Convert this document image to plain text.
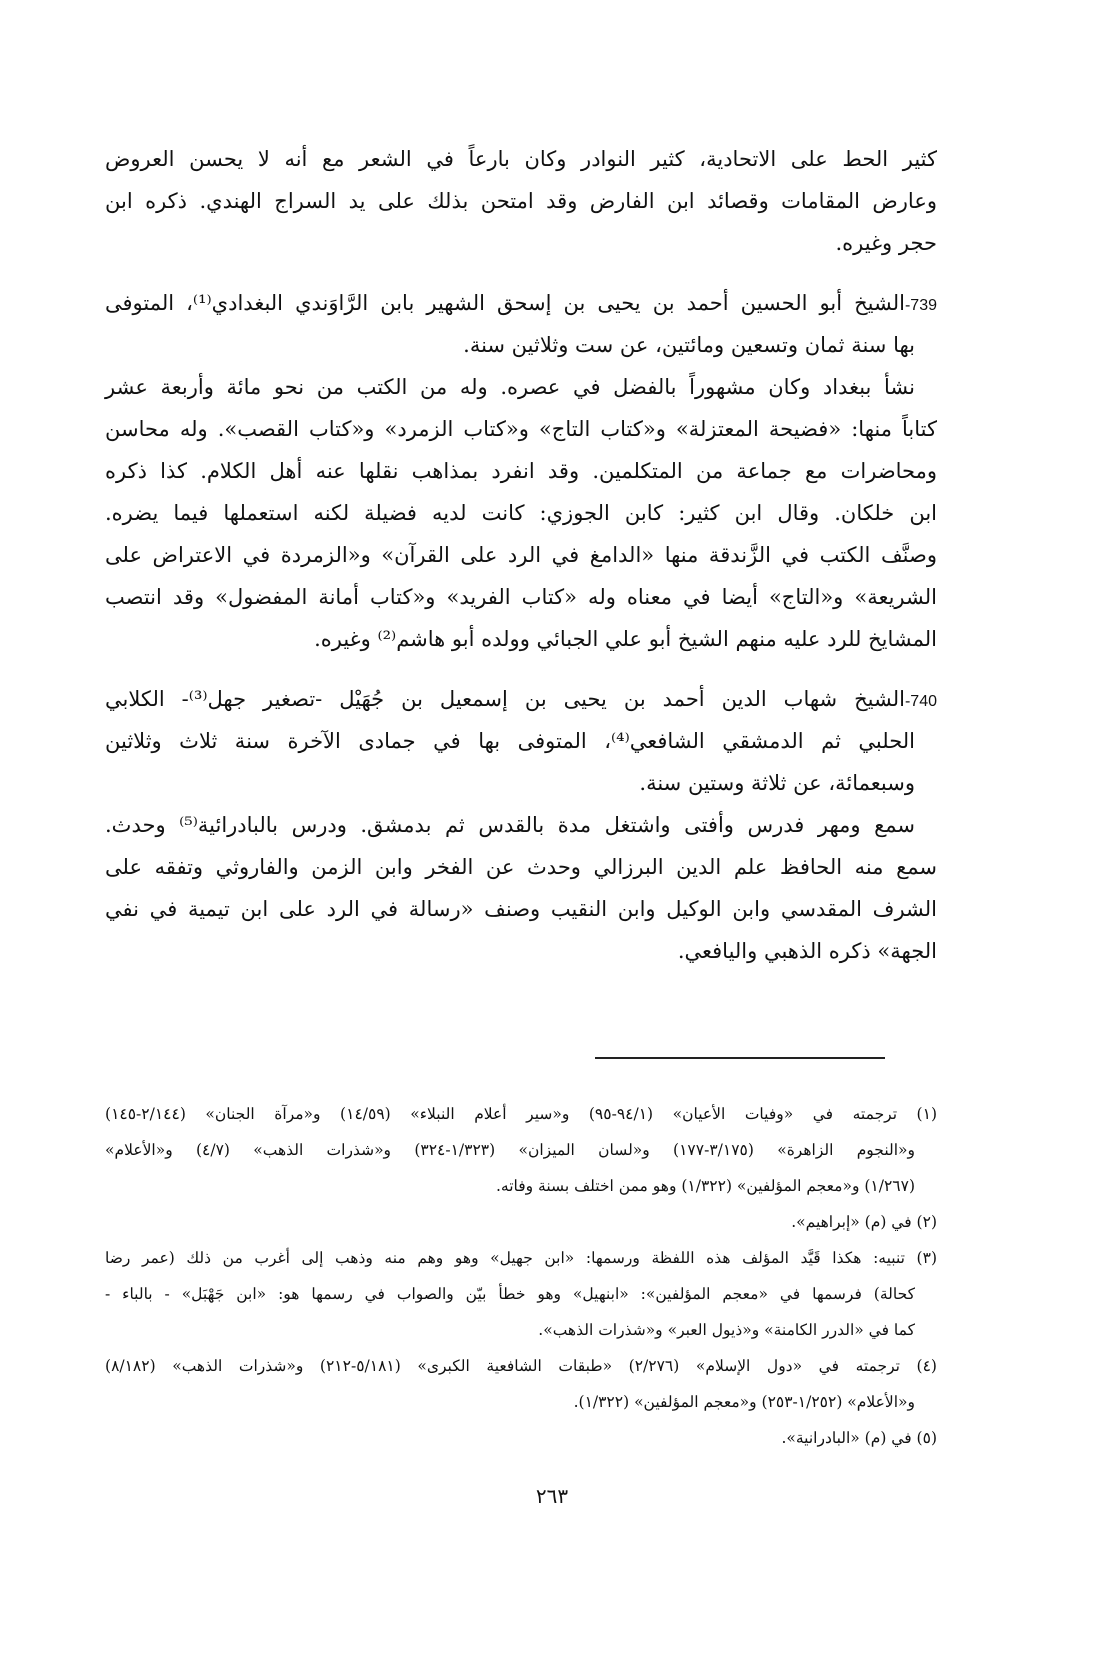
كثير الحط على الاتحادية، كثير النوادر وكان بارعاً في الشعر مع أنه لا يحسن العروض
وعارض المقامات وقصائد ابن الفارض وقد امتحن بذلك على يد السراج الهندي. ذكره ابن
حجر وغيره.
739-الشيخ أبو الحسين أحمد بن يحيى بن إسحق الشهير بابن الرَّاوَندي البغدادي⁽¹⁾، المتوفى
بها سنة ثمان وتسعين ومائتين، عن ست وثلاثين سنة.
نشأ ببغداد وكان مشهوراً بالفضل في عصره. وله من الكتب من نحو مائة وأربعة عشر
كتاباً منها: «فضيحة المعتزلة» و«كتاب التاج» و«كتاب الزمرد» و«كتاب القصب». وله محاسن
ومحاضرات مع جماعة من المتكلمين. وقد انفرد بمذاهب نقلها عنه أهل الكلام. كذا ذكره
ابن خلكان. وقال ابن كثير: كابن الجوزي: كانت لديه فضيلة لكنه استعملها فيما يضره.
وصنَّف الكتب في الزَّندقة منها «الدامغ في الرد على القرآن» و«الزمردة في الاعتراض على
الشريعة» و«التاج» أيضا في معناه وله «كتاب الفريد» و«كتاب أمانة المفضول» وقد انتصب
المشايخ للرد عليه منهم الشيخ أبو علي الجبائي وولده أبو هاشم⁽²⁾ وغيره.
740-الشيخ شهاب الدين أحمد بن يحيى بن إسمعيل بن جُهَيْل -تصغير جهل⁽³⁾- الكلابي
الحلبي ثم الدمشقي الشافعي⁽⁴⁾، المتوفى بها في جمادى الآخرة سنة ثلاث وثلاثين
وسبعمائة، عن ثلاثة وستين سنة.
سمع ومهر فدرس وأفتى واشتغل مدة بالقدس ثم بدمشق. ودرس بالبادرائية⁽⁵⁾ وحدث.
سمع منه الحافظ علم الدين البرزالي وحدث عن الفخر وابن الزمن والفاروثي وتفقه على
الشرف المقدسي وابن الوكيل وابن النقيب وصنف «رسالة في الرد على ابن تيمية في نفي
الجهة» ذكره الذهبي واليافعي.
(١) ترجمته في «وفيات الأعيان» (٩٤/١-٩٥) و«سير أعلام النبلاء» (١٤/٥٩) و«مرآة الجنان» (٢/١٤٤-١٤٥)
و«النجوم الزاهرة» (٣/١٧٥-١٧٧) و«لسان الميزان» (١/٣٢٣-٣٢٤) و«شذرات الذهب» (٤/٧) و«الأعلام»
(١/٢٦٧) و«معجم المؤلفين» (١/٣٢٢) وهو ممن اختلف بسنة وفاته.
(٢) في (م) «إبراهيم».
(٣) تنبيه: هكذا قَيَّد المؤلف هذه اللفظة ورسمها: «ابن جهيل» وهو وهم منه وذهب إلى أغرب من ذلك (عمر رضا
كحالة) فرسمها في «معجم المؤلفين»: «ابنهيل» وهو خطأ بيّن والصواب في رسمها هو: «ابن جَهْبَل» - بالباء -
كما في «الدرر الكامنة» و«ذيول العبر» و«شذرات الذهب».
(٤) ترجمته في «دول الإسلام» (٢/٢٧٦) «طبقات الشافعية الكبرى» (٥/١٨١-٢١٢) و«شذرات الذهب» (٨/١٨٢)
و«الأعلام» (١/٢٥٢-٢٥٣) و«معجم المؤلفين» (١/٣٢٢).
(٥) في (م) «البادرانية».
٢٦٣
